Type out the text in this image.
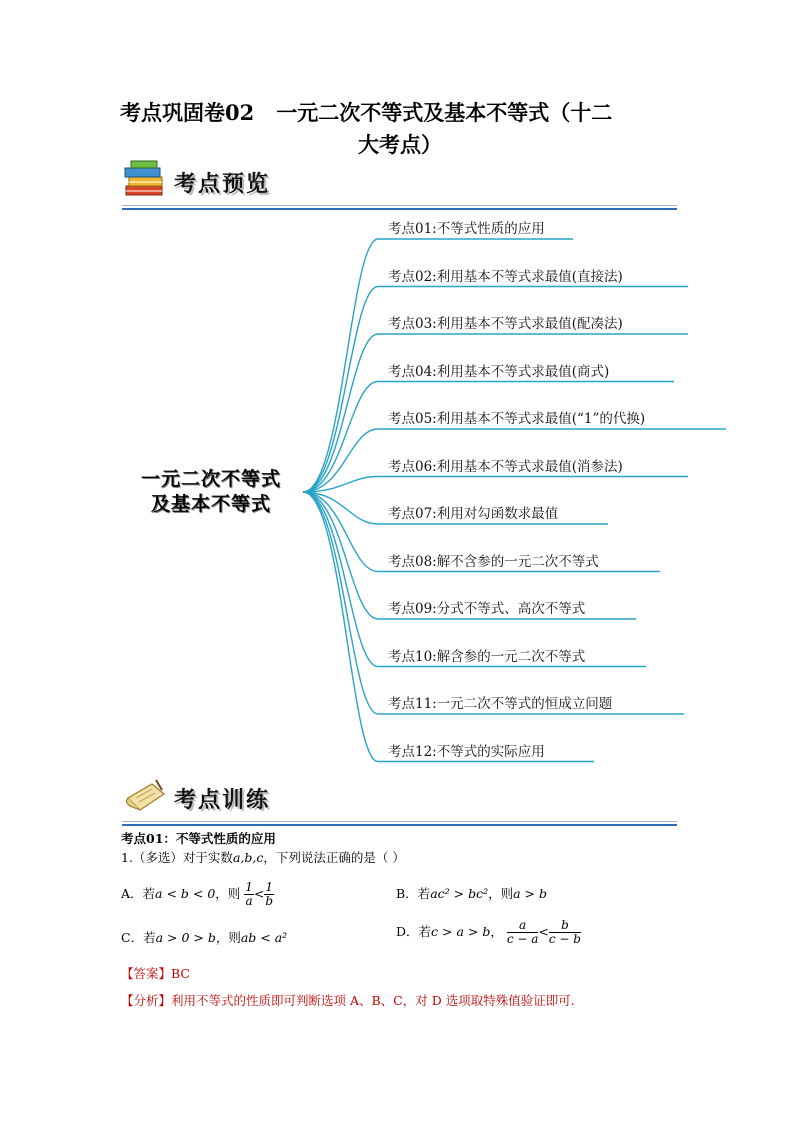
考点巩固卷02 一元二次不等式及基本不等式（十二
大考点）
考点预览
一元二次不等式
及基本不等式
考点01:不等式性质的应用
考点02:利用基本不等式求最值(直接法)
考点03:利用基本不等式求最值(配凑法)
考点04:利用基本不等式求最值(商式)
考点05:利用基本不等式求最值(“1”的代换)
考点06:利用基本不等式求最值(消参法)
考点07:利用对勾函数求最值
考点08:解不含参的一元二次不等式
考点09:分式不等式、高次不等式
考点10:解含参的一元二次不等式
考点11:一元二次不等式的恒成立问题
考点12:不等式的实际应用
考点训练
考点01：不等式性质的应用
1.（多选）对于实数a,b,c，下列说法正确的是（ ）
A．若a < b < 0，则 $\frac{1}{a} < \frac{1}{b}$	B．若ac² > bc²，则a > b
C．若a > 0 > b，则ab < a²	D．若c > a > b， $\frac{a}{c - a} < \frac{b}{c - b}$
【答案】BC
【分析】利用不等式的性质即可判断选项 A、B、C，对 D 选项取特殊值验证即可.
